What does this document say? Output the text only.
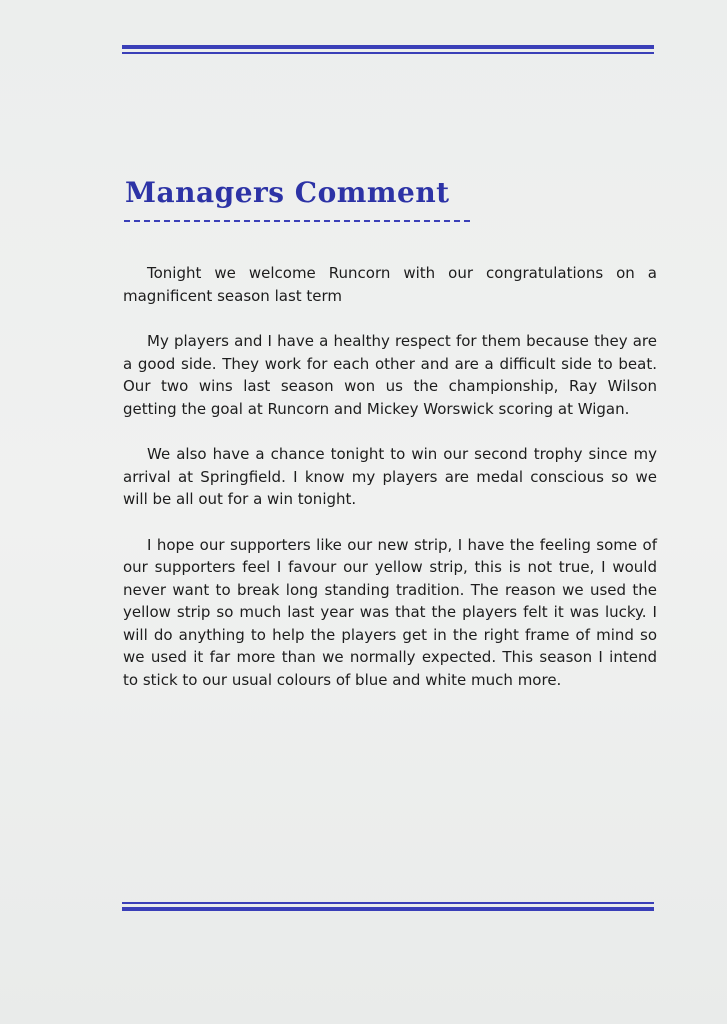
Managers Comment

Tonight we welcome Runcorn with our congratulations on a magnificent season last term

My players and I have a healthy respect for them because they are a good side. They work for each other and are a difficult side to beat. Our two wins last season won us the championship, Ray Wilson getting the goal at Runcorn and Mickey Worswick scoring at Wigan.

We also have a chance tonight to win our second trophy since my arrival at Springfield. I know my players are medal conscious so we will be all out for a win tonight.

I hope our supporters like our new strip, I have the feeling some of our supporters feel I favour our yellow strip, this is not true, I would never want to break long standing tradition. The reason we used the yellow strip so much last year was that the players felt it was lucky. I will do anything to help the players get in the right frame of mind so we used it far more than we normally expected. This season I intend to stick to our usual colours of blue and white much more.
